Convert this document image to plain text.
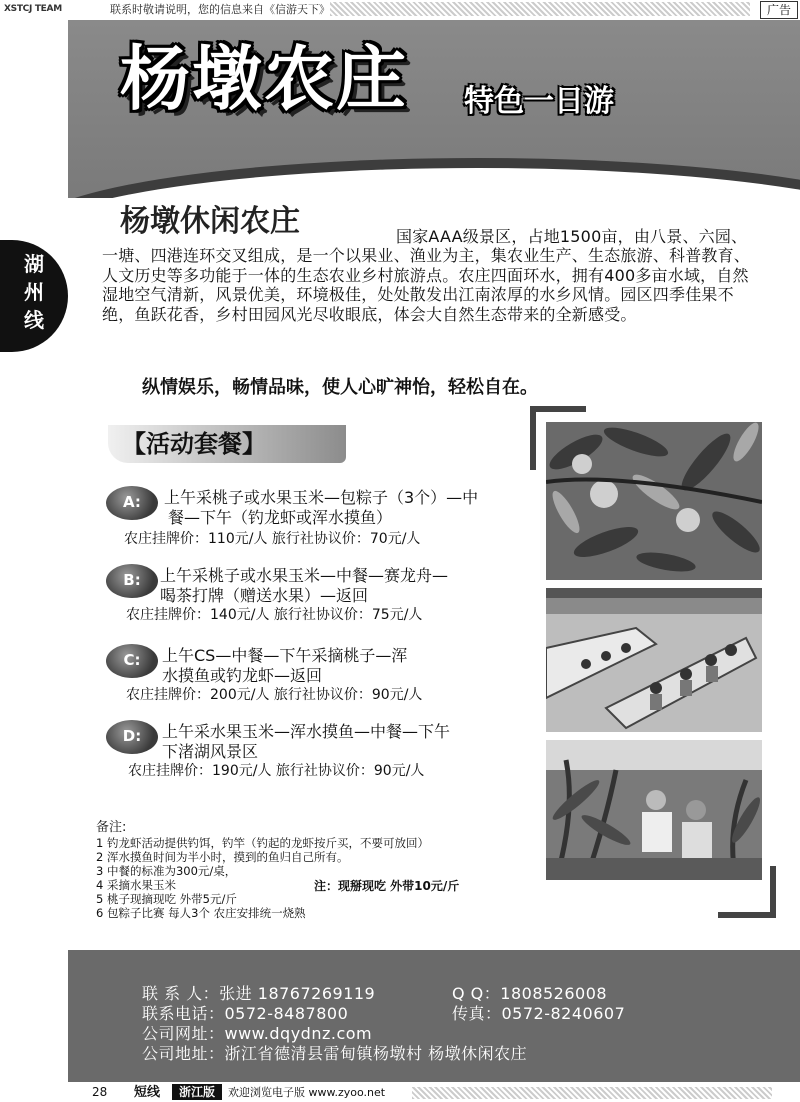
XSTCJ TEAM	联系时敬请说明，您的信息来自《信游天下》	广告
湖州线
杨墩农庄 特色一日游
杨墩休闲农庄	国家AAA级景区，占地1500亩，由八景、六园、一塘、四港连环交叉组成，是一个以果业、渔业为主，集农业生产、生态旅游、科普教育、人文历史等多功能于一体的生态农业乡村旅游点。农庄四面环水，拥有400多亩水域，自然湿地空气清新，风景优美，环境极佳，处处散发出江南浓厚的水乡风情。园区四季佳果不绝，鱼跃花香，乡村田园风光尽收眼底，体会大自然生态带来的全新感受。
纵情娱乐，畅情品味，使人心旷神怡，轻松自在。
【活动套餐】
A:	上午采桃子或水果玉米—包粽子（3个）—中
餐—下午（钓龙虾或浑水摸鱼）
农庄挂牌价：110元/人 旅行社协议价：70元/人
B:	上午采桃子或水果玉米—中餐—赛龙舟—
喝茶打牌（赠送水果）—返回
农庄挂牌价：140元/人 旅行社协议价：75元/人
C:	上午CS—中餐—下午采摘桃子—浑
水摸鱼或钓龙虾—返回
农庄挂牌价：200元/人 旅行社协议价：90元/人
D:	上午采水果玉米—浑水摸鱼—中餐—下午
下渚湖风景区
农庄挂牌价：190元/人 旅行社协议价：90元/人
备注:
1 钓龙虾活动提供钓饵，钓竿（钓起的龙虾按斤买，不要可放回）
2 浑水摸鱼时间为半小时，摸到的鱼归自己所有。
3 中餐的标准为300元/桌，
4 采摘水果玉米
5 桃子现摘现吃 外带5元/斤
6 包粽子比赛 每人3个 农庄安排统一烧熟
注：现掰现吃 外带10元/斤
联 系 人：张进 18767269119	Q Q：1808526008
联系电话：0572-8487800	传真：0572-8240607
公司网址：www.dqydnz.com
公司地址：浙江省德清县雷甸镇杨墩村 杨墩休闲农庄
28 短线	浙江版	欢迎浏览电子版 www.zyoo.net
